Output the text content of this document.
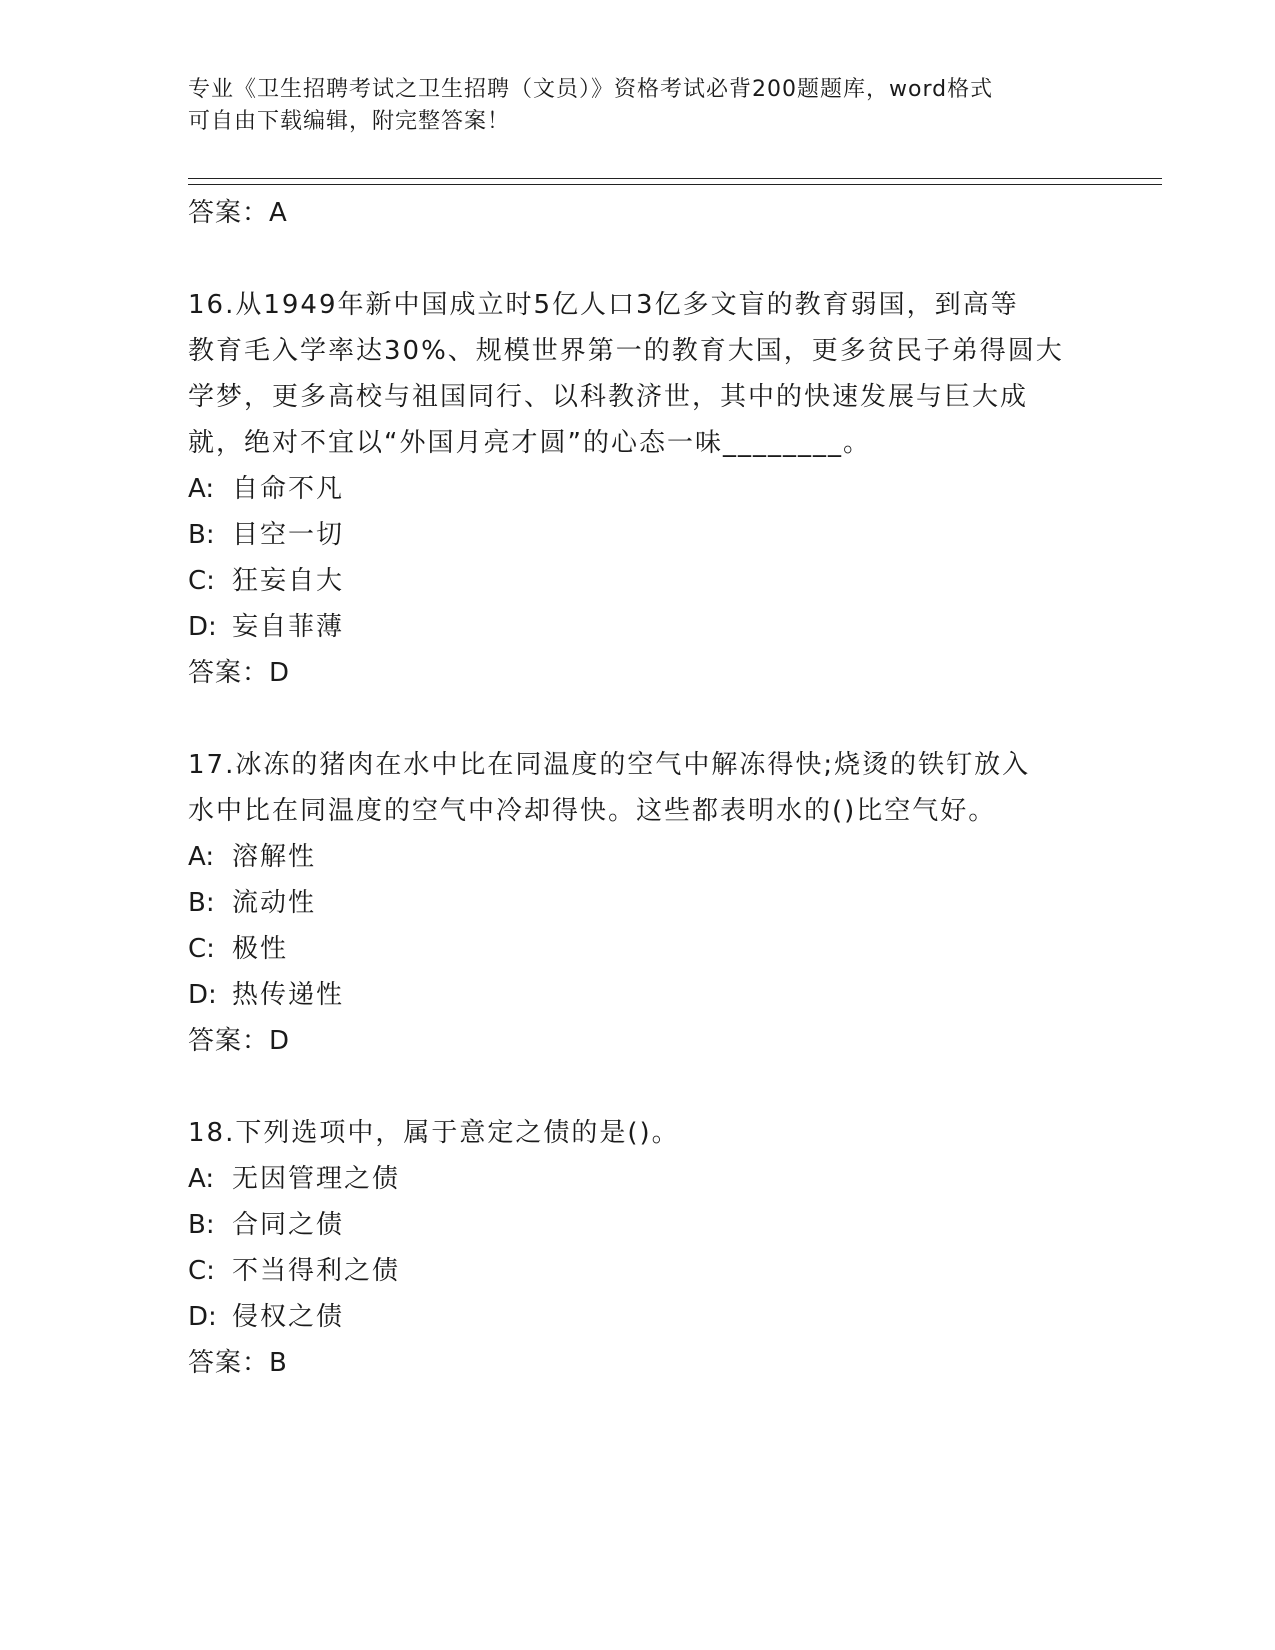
专业《卫生招聘考试之卫生招聘（文员）》资格考试必背200题题库，word格式
可自由下载编辑，附完整答案！
答案：A
16.从1949年新中国成立时5亿人口3亿多文盲的教育弱国，到高等
教育毛入学率达30%、规模世界第一的教育大国，更多贫民子弟得圆大
学梦，更多高校与祖国同行、以科教济世，其中的快速发展与巨大成
就，绝对不宜以“外国月亮才圆”的心态一味________。
A: 自命不凡
B: 目空一切
C: 狂妄自大
D: 妄自菲薄
答案：D
17.冰冻的猪肉在水中比在同温度的空气中解冻得快;烧烫的铁钉放入
水中比在同温度的空气中冷却得快。这些都表明水的()比空气好。
A: 溶解性
B: 流动性
C: 极性
D: 热传递性
答案：D
18.下列选项中，属于意定之债的是()。
A: 无因管理之债
B: 合同之债
C: 不当得利之债
D: 侵权之债
答案：B
